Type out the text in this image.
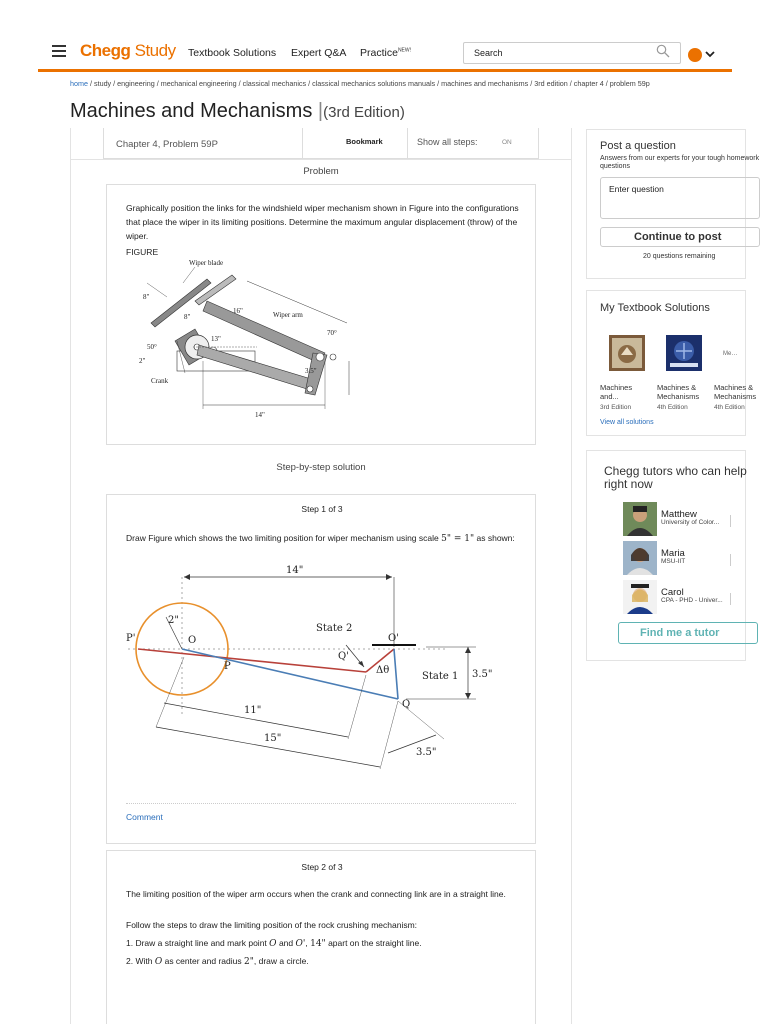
Chegg Study Textbook Solutions Expert Q&A Practice$^{NEW!}$	Search
home / study / engineering / mechanical engineering / classical mechanics / classical mechanics solutions manuals / machines and mechanisms / 3rd edition / chapter 4 / problem 59p
Machines and Mechanisms |(3rd Edition)
Chapter 4, Problem 59P	Bookmark	Show all steps:	ON
Problem
Graphically position the links for the windshield wiper mechanism shown in Figure into the configurations that place the wiper in its limiting positions. Determine the maximum angular displacement (throw) of the wiper.
FIGURE
Wiper blade
8"
8"
16"	Wiper arm
13"
50°
2"
70°
3.5"
Crank
14"
Step-by-step solution
Step 1 of 3
Draw Figure which shows the two limiting position for wiper mechanism using scale 5" = 1" as shown:
14"
2"
P'	O
P
State 2
O'
Q'
Δθ
State 1 3.5"
Q
11"
15"
3.5"
Comment
Step 2 of 3
The limiting position of the wiper arm occurs when the crank and connecting link are in a straight line.
Follow the steps to draw the limiting position of the rock crushing mechanism:
1. Draw a straight line and mark point O and O', 14" apart on the straight line.
2. With O as center and radius 2", draw a circle.
Post a question
Answers from our experts for your tough homework questions
Enter question
Continue to post
20 questions remaining
My Textbook Solutions
Me…
Machines and...
Machines & Mechanisms
Machines & Mechanisms
3rd Edition	4th Edition	4th Edition
View all solutions
Chegg tutors who can help right now
Matthew
University of Color...
Maria
MSU-IIT
Carol
CPA - PHD - Univer...
Find me a tutor
